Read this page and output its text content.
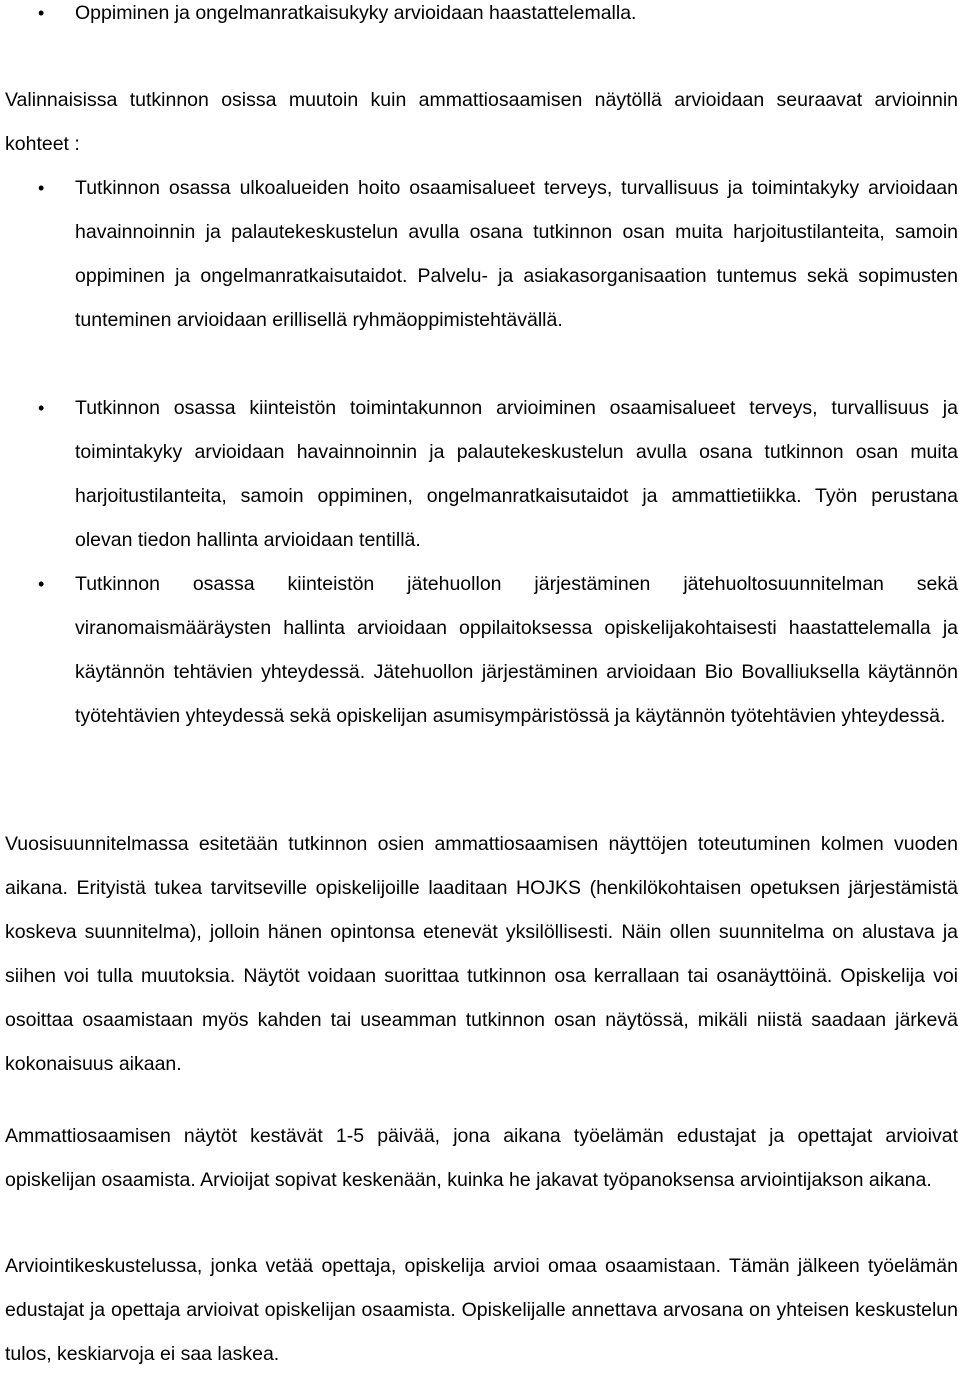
• Oppiminen ja ongelmanratkaisukyky arvioidaan haastattelemalla.
Valinnaisissa tutkinnon osissa muutoin kuin ammattiosaamisen näytöllä arvioidaan seuraavat arvioinnin kohteet :
• Tutkinnon osassa ulkoalueiden hoito osaamisalueet terveys, turvallisuus ja toimintakyky arvioidaan havainnoinnin ja palautekeskustelun avulla osana tutkinnon osan muita harjoitustilanteita, samoin oppiminen ja ongelmanratkaisutaidot. Palvelu- ja asiakasorganisaation tuntemus sekä sopimusten tunteminen arvioidaan erillisellä ryhmäoppimistehtävällä.
• Tutkinnon osassa kiinteistön toimintakunnon arvioiminen osaamisalueet terveys, turvallisuus ja toimintakyky arvioidaan havainnoinnin ja palautekeskustelun avulla osana tutkinnon osan muita harjoitustilanteita, samoin oppiminen, ongelmanratkaisutaidot ja ammattietiikka. Työn perustana olevan tiedon hallinta arvioidaan tentillä.
• Tutkinnon osassa kiinteistön jätehuollon järjestäminen jätehuoltosuunnitelman sekä viranomaismääräysten hallinta arvioidaan oppilaitoksessa opiskelijakohtaisesti haastattelemalla ja käytännön tehtävien yhteydessä. Jätehuollon järjestäminen arvioidaan Bio Bovalliuksella käytännön työtehtävien yhteydessä sekä opiskelijan asumisympäristössä ja käytännön työtehtävien yhteydessä.
Vuosisuunnitelmassa esitetään tutkinnon osien ammattiosaamisen näyttöjen toteutuminen kolmen vuoden aikana. Erityistä tukea tarvitseville opiskelijoille laaditaan HOJKS (henkilökohtaisen opetuksen järjestämistä koskeva suunnitelma), jolloin hänen opintonsa etenevät yksilöllisesti. Näin ollen suunnitelma on alustava ja siihen voi tulla muutoksia. Näytöt voidaan suorittaa tutkinnon osa kerrallaan tai osanäyttöinä. Opiskelija voi osoittaa osaamistaan myös kahden tai useamman tutkinnon osan näytössä, mikäli niistä saadaan järkevä kokonaisuus aikaan.
Ammattiosaamisen näytöt kestävät 1-5 päivää, jona aikana työelämän edustajat ja opettajat arvioivat opiskelijan osaamista. Arvioijat sopivat keskenään, kuinka he jakavat työpanoksensa arviointijakson aikana.
Arviointikeskustelussa, jonka vetää opettaja, opiskelija arvioi omaa osaamistaan. Tämän jälkeen työelämän edustajat ja opettaja arvioivat opiskelijan osaamista. Opiskelijalle annettava arvosana on yhteisen keskustelun tulos, keskiarvoja ei saa laskea.
